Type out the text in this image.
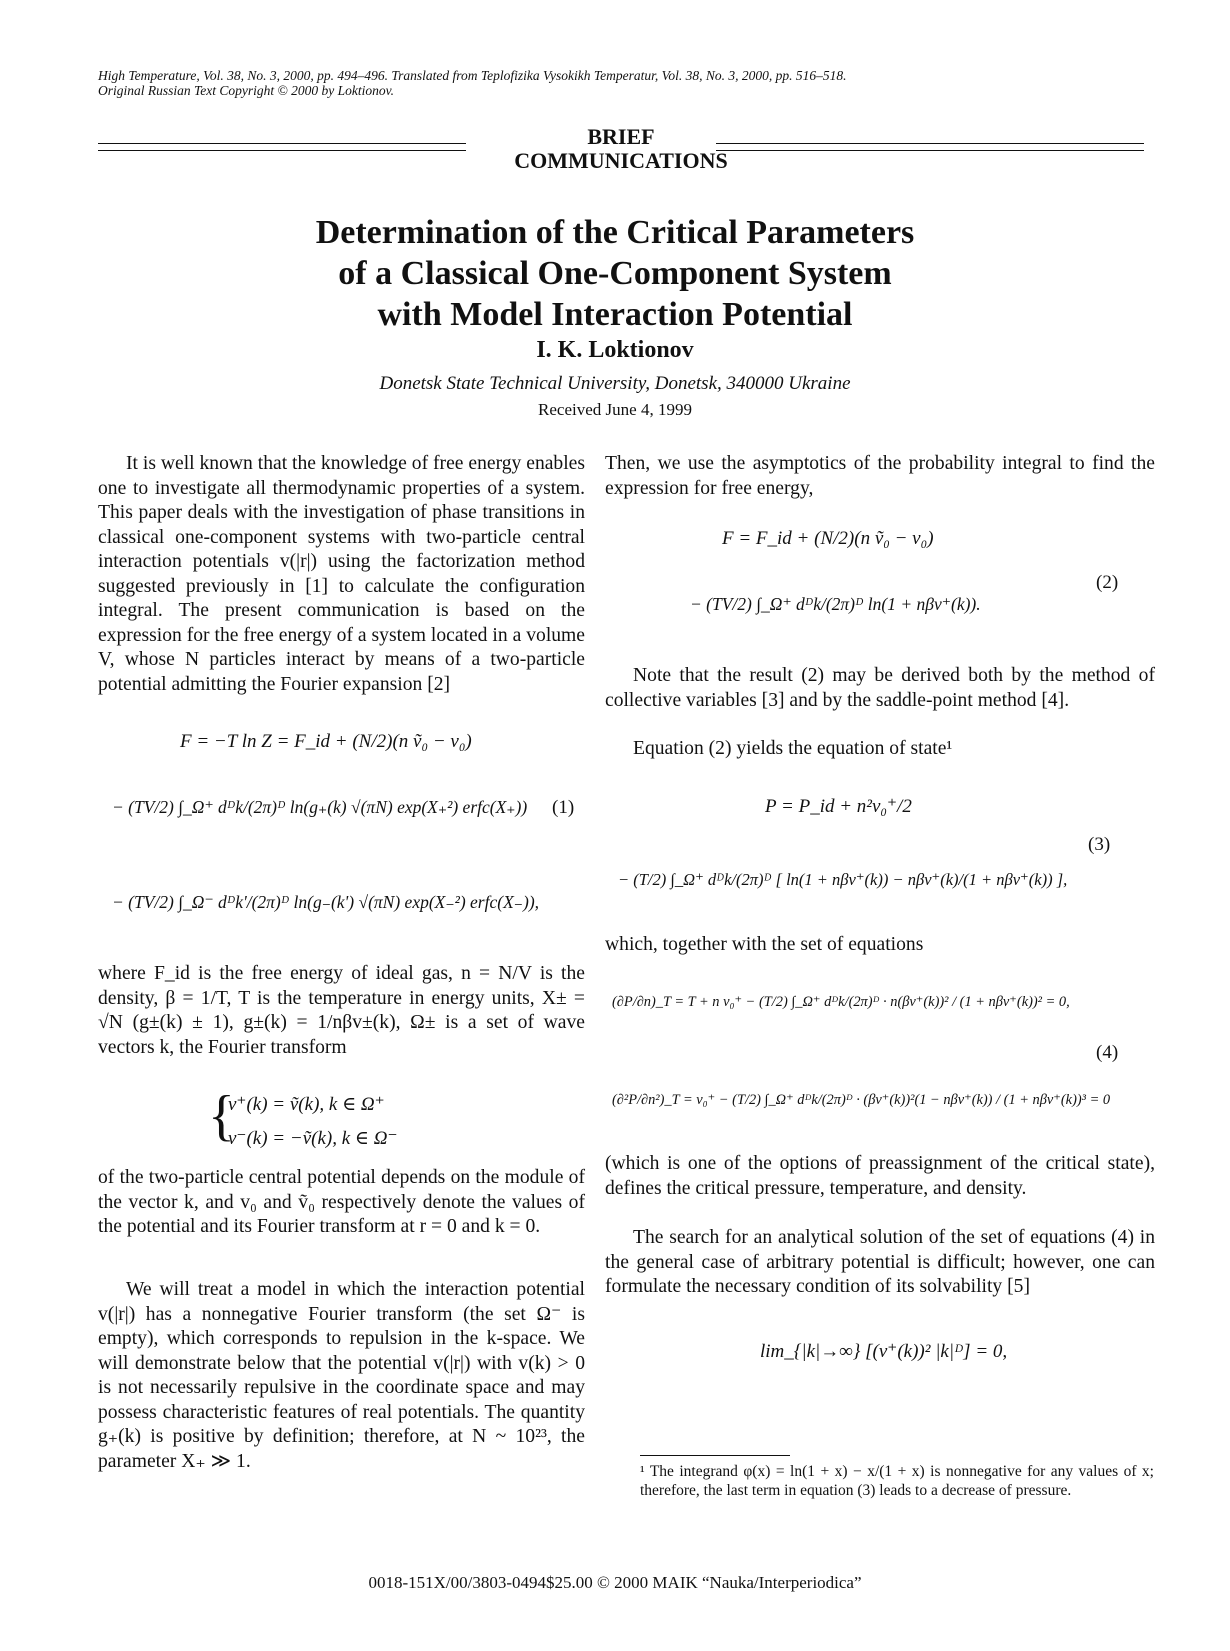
High Temperature, Vol. 38, No. 3, 2000, pp. 494–496. Translated from Teplofizika Vysokikh Temperatur, Vol. 38, No. 3, 2000, pp. 516–518.
Original Russian Text Copyright © 2000 by Loktionov.
BRIEF
COMMUNICATIONS
Determination of the Critical Parameters
of a Classical One-Component System
with Model Interaction Potential
I. K. Loktionov
Donetsk State Technical University, Donetsk, 340000 Ukraine
Received June 4, 1999

It is well known that the knowledge of free energy enables one to investigate all thermodynamic properties of a system. This paper deals with the investigation of phase transitions in classical one-component systems with two-particle central interaction potentials v(|r|) using the factorization method suggested previously in [1] to calculate the configuration integral. The present communication is based on the expression for the free energy of a system located in a volume V, whose N particles interact by means of a two-particle potential admitting the Fourier expansion [2]

F = −T ln Z = F_id + (N/2)(n ṽ₀ − v₀)
− (TV/2) ∫_Ω⁺ dᴰk/(2π)ᴰ ln(g₊(k) √(πN) exp(X₊²) erfc(X₊)) (1)
− (TV/2) ∫_Ω⁻ dᴰk'/(2π)ᴰ ln(g₋(k') √(πN) exp(X₋²) erfc(X₋)),

where F_id is the free energy of ideal gas, n = N/V is the density, β = 1/T, T is the temperature in energy units, X± = √N (g±(k) ± 1), g±(k) = 1/nβv±(k), Ω± is a set of wave vectors k, the Fourier transform

{
v⁺(k) = ṽ(k), k ∈ Ω⁺
v⁻(k) = −ṽ(k), k ∈ Ω⁻

of the two-particle central potential depends on the module of the vector k, and v₀ and ṽ₀ respectively denote the values of the potential and its Fourier transform at r = 0 and k = 0.

We will treat a model in which the interaction potential v(|r|) has a nonnegative Fourier transform (the set Ω⁻ is empty), which corresponds to repulsion in the k-space. We will demonstrate below that the potential v(|r|) with v(k) > 0 is not necessarily repulsive in the coordinate space and may possess characteristic features of real potentials. The quantity g₊(k) is positive by definition; therefore, at N ~ 10²³, the parameter X₊ ≫ 1.

Then, we use the asymptotics of the probability integral to find the expression for free energy,

F = F_id + (N/2)(n ṽ₀ − v₀)
− (TV/2) ∫_Ω⁺ dᴰk/(2π)ᴰ ln(1 + nβv⁺(k)).
(2)

Note that the result (2) may be derived both by the method of collective variables [3] and by the saddle-point method [4].

Equation (2) yields the equation of state¹

P = P_id + n²v₀⁺/2
− (T/2) ∫_Ω⁺ dᴰk/(2π)ᴰ [ ln(1 + nβv⁺(k)) − nβv⁺(k)/(1 + nβv⁺(k)) ],
(3)

which, together with the set of equations

(∂P/∂n)_T = T + n v₀⁺ − (T/2) ∫_Ω⁺ dᴰk/(2π)ᴰ · n(βv⁺(k))² / (1 + nβv⁺(k))² = 0,
(4)
(∂²P/∂n²)_T = v₀⁺ − (T/2) ∫_Ω⁺ dᴰk/(2π)ᴰ · (βv⁺(k))²(1 − nβv⁺(k)) / (1 + nβv⁺(k))³ = 0

(which is one of the options of preassignment of the critical state), defines the critical pressure, temperature, and density.

The search for an analytical solution of the set of equations (4) in the general case of arbitrary potential is difficult; however, one can formulate the necessary condition of its solvability [5]

lim_{|k|→∞} [(v⁺(k))² |k|ᴰ] = 0,
¹ The integrand φ(x) = ln(1 + x) − x/(1 + x) is nonnegative for any values of x; therefore, the last term in equation (3) leads to a decrease of pressure.
0018-151X/00/3803-0494$25.00 © 2000 MAIK “Nauka/Interperiodica”
